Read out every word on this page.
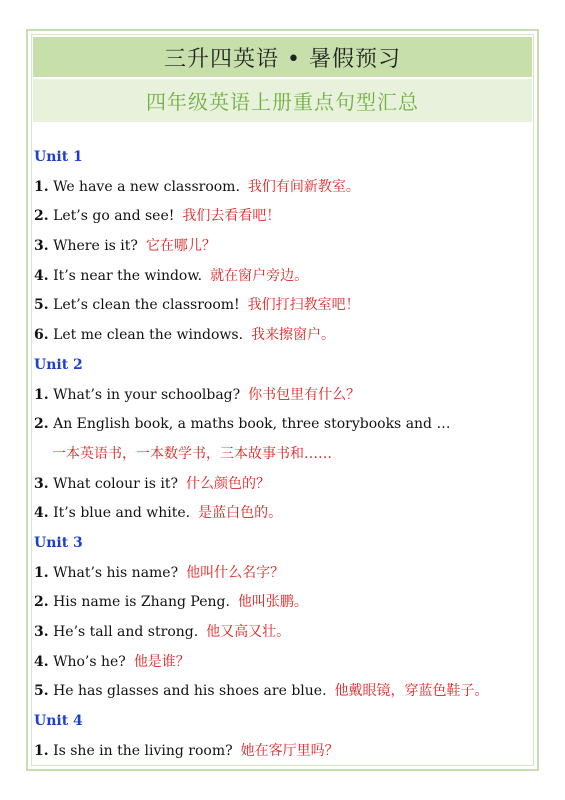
三升四英语 • 暑假预习
四年级英语上册重点句型汇总
Unit 1
1. We have a new classroom. 我们有间新教室。
2. Let’s go and see! 我们去看看吧！
3. Where is it? 它在哪儿？
4. It’s near the window. 就在窗户旁边。
5. Let’s clean the classroom! 我们打扫教室吧！
6. Let me clean the windows. 我来擦窗户。
Unit 2
1. What’s in your schoolbag? 你书包里有什么？
2. An English book, a maths book, three storybooks and …
一本英语书，一本数学书，三本故事书和……
3. What colour is it? 什么颜色的？
4. It’s blue and white. 是蓝白色的。
Unit 3
1. What’s his name? 他叫什么名字？
2. His name is Zhang Peng. 他叫张鹏。
3. He’s tall and strong. 他又高又壮。
4. Who’s he? 他是谁？
5. He has glasses and his shoes are blue. 他戴眼镜，穿蓝色鞋子。
Unit 4
1. Is she in the living room? 她在客厅里吗？
